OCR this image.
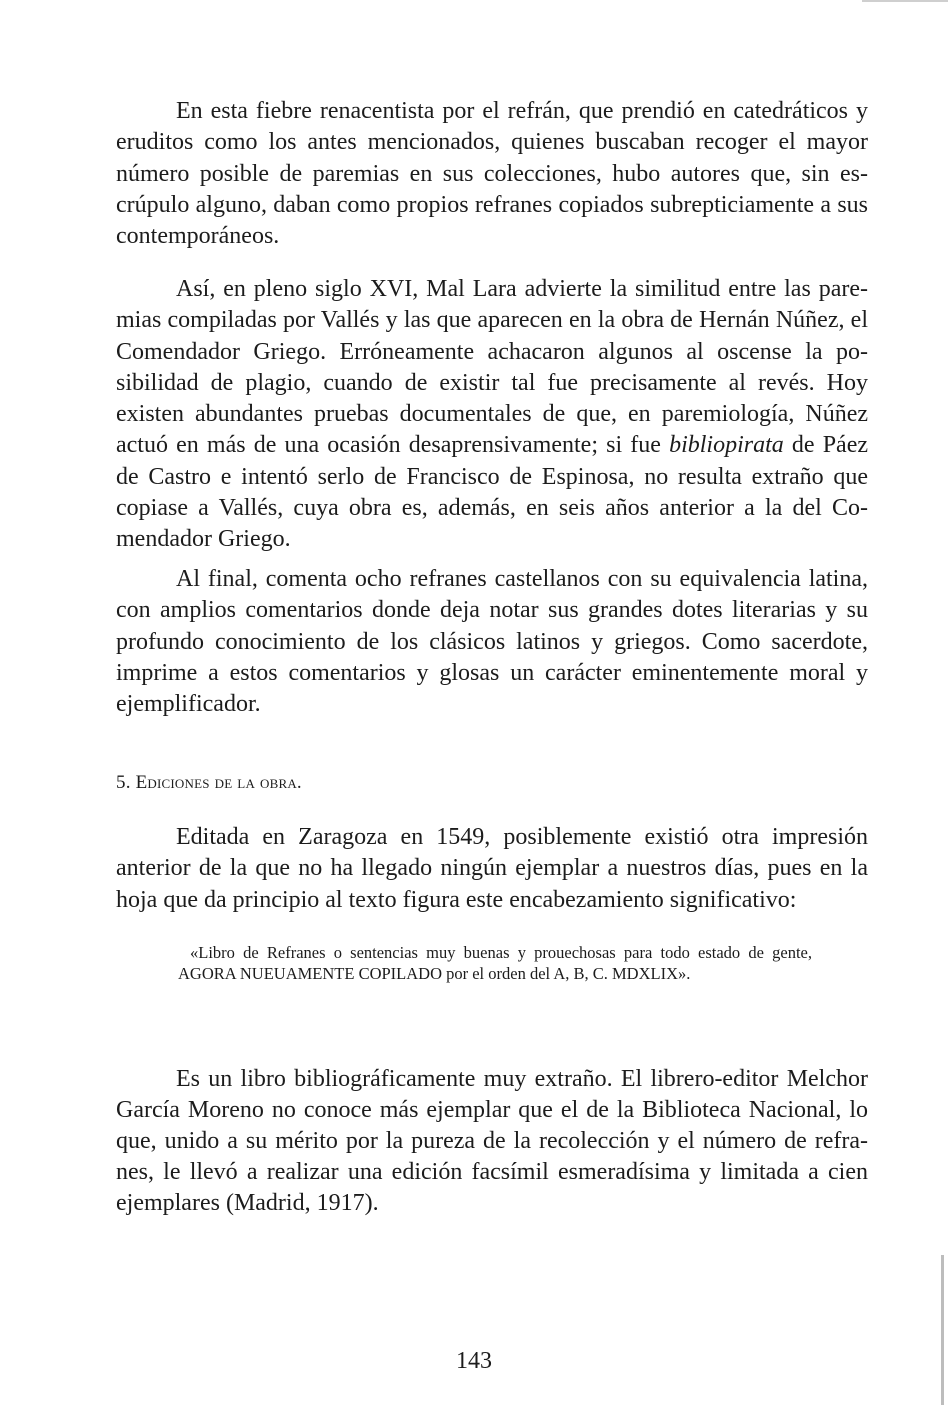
En esta fiebre renacentista por el refrán, que prendió en catedráticos y eruditos como los antes mencionados, quienes buscaban recoger el mayor número posible de paremias en sus colecciones, hubo autores que, sin escrúpulo alguno, daban como propios refranes copiados subrepticiamente a sus contemporáneos.

Así, en pleno siglo XVI, Mal Lara advierte la similitud entre las paremias compiladas por Vallés y las que aparecen en la obra de Hernán Núñez, el Comendador Griego. Erróneamente achacaron algunos al oscense la posibilidad de plagio, cuando de existir tal fue precisamente al revés. Hoy existen abundantes pruebas documentales de que, en paremiología, Núñez actuó en más de una ocasión desaprensivamente; si fue bibliopirata de Páez de Castro e intentó serlo de Francisco de Espinosa, no resulta extraño que copiase a Vallés, cuya obra es, además, en seis años anterior a la del Comendador Griego.

Al final, comenta ocho refranes castellanos con su equivalencia latina, con amplios comentarios donde deja notar sus grandes dotes literarias y su profundo conocimiento de los clásicos latinos y griegos. Como sacerdote, imprime a estos comentarios y glosas un carácter eminentemente moral y ejemplificador.

5. Ediciones de la obra.

Editada en Zaragoza en 1549, posiblemente existió otra impresión anterior de la que no ha llegado ningún ejemplar a nuestros días, pues en la hoja que da principio al texto figura este encabezamiento significativo:

«Libro de Refranes o sentencias muy buenas y prouechosas para todo estado de gente, AGORA NUEUAMENTE COPILADO por el orden del A, B, C. MDXLIX».

Es un libro bibliográficamente muy extraño. El librero-editor Melchor García Moreno no conoce más ejemplar que el de la Biblioteca Nacional, lo que, unido a su mérito por la pureza de la recolección y el número de refranes, le llevó a realizar una edición facsímil esmeradísima y limitada a cien ejemplares (Madrid, 1917).

143
